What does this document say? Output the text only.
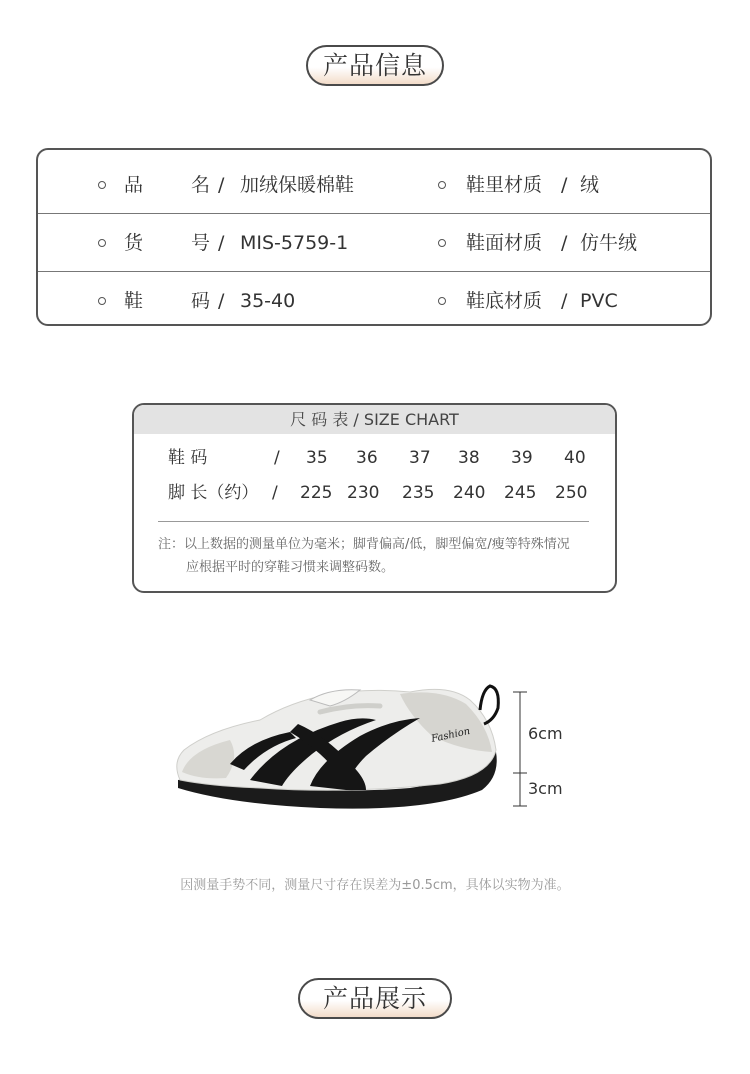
产品信息
品 名 / 加绒保暖棉鞋	鞋里材质 / 绒
货 号 / MIS-5759-1	鞋面材质 / 仿牛绒
鞋 码 / 35-40	鞋底材质 / PVC
尺 码 表 / SIZE CHART
鞋 码	/ 35 36 37 38 39 40
脚 长（约） / 225 230 235 240 245 250
注：以上数据的测量单位为毫米；脚背偏高/低，脚型偏宽/瘦等特殊情况
应根据平时的穿鞋习惯来调整码数。
Fashion	6cm
3cm
因测量手势不同，测量尺寸存在误差为±0.5cm，具体以实物为准。
产品展示
